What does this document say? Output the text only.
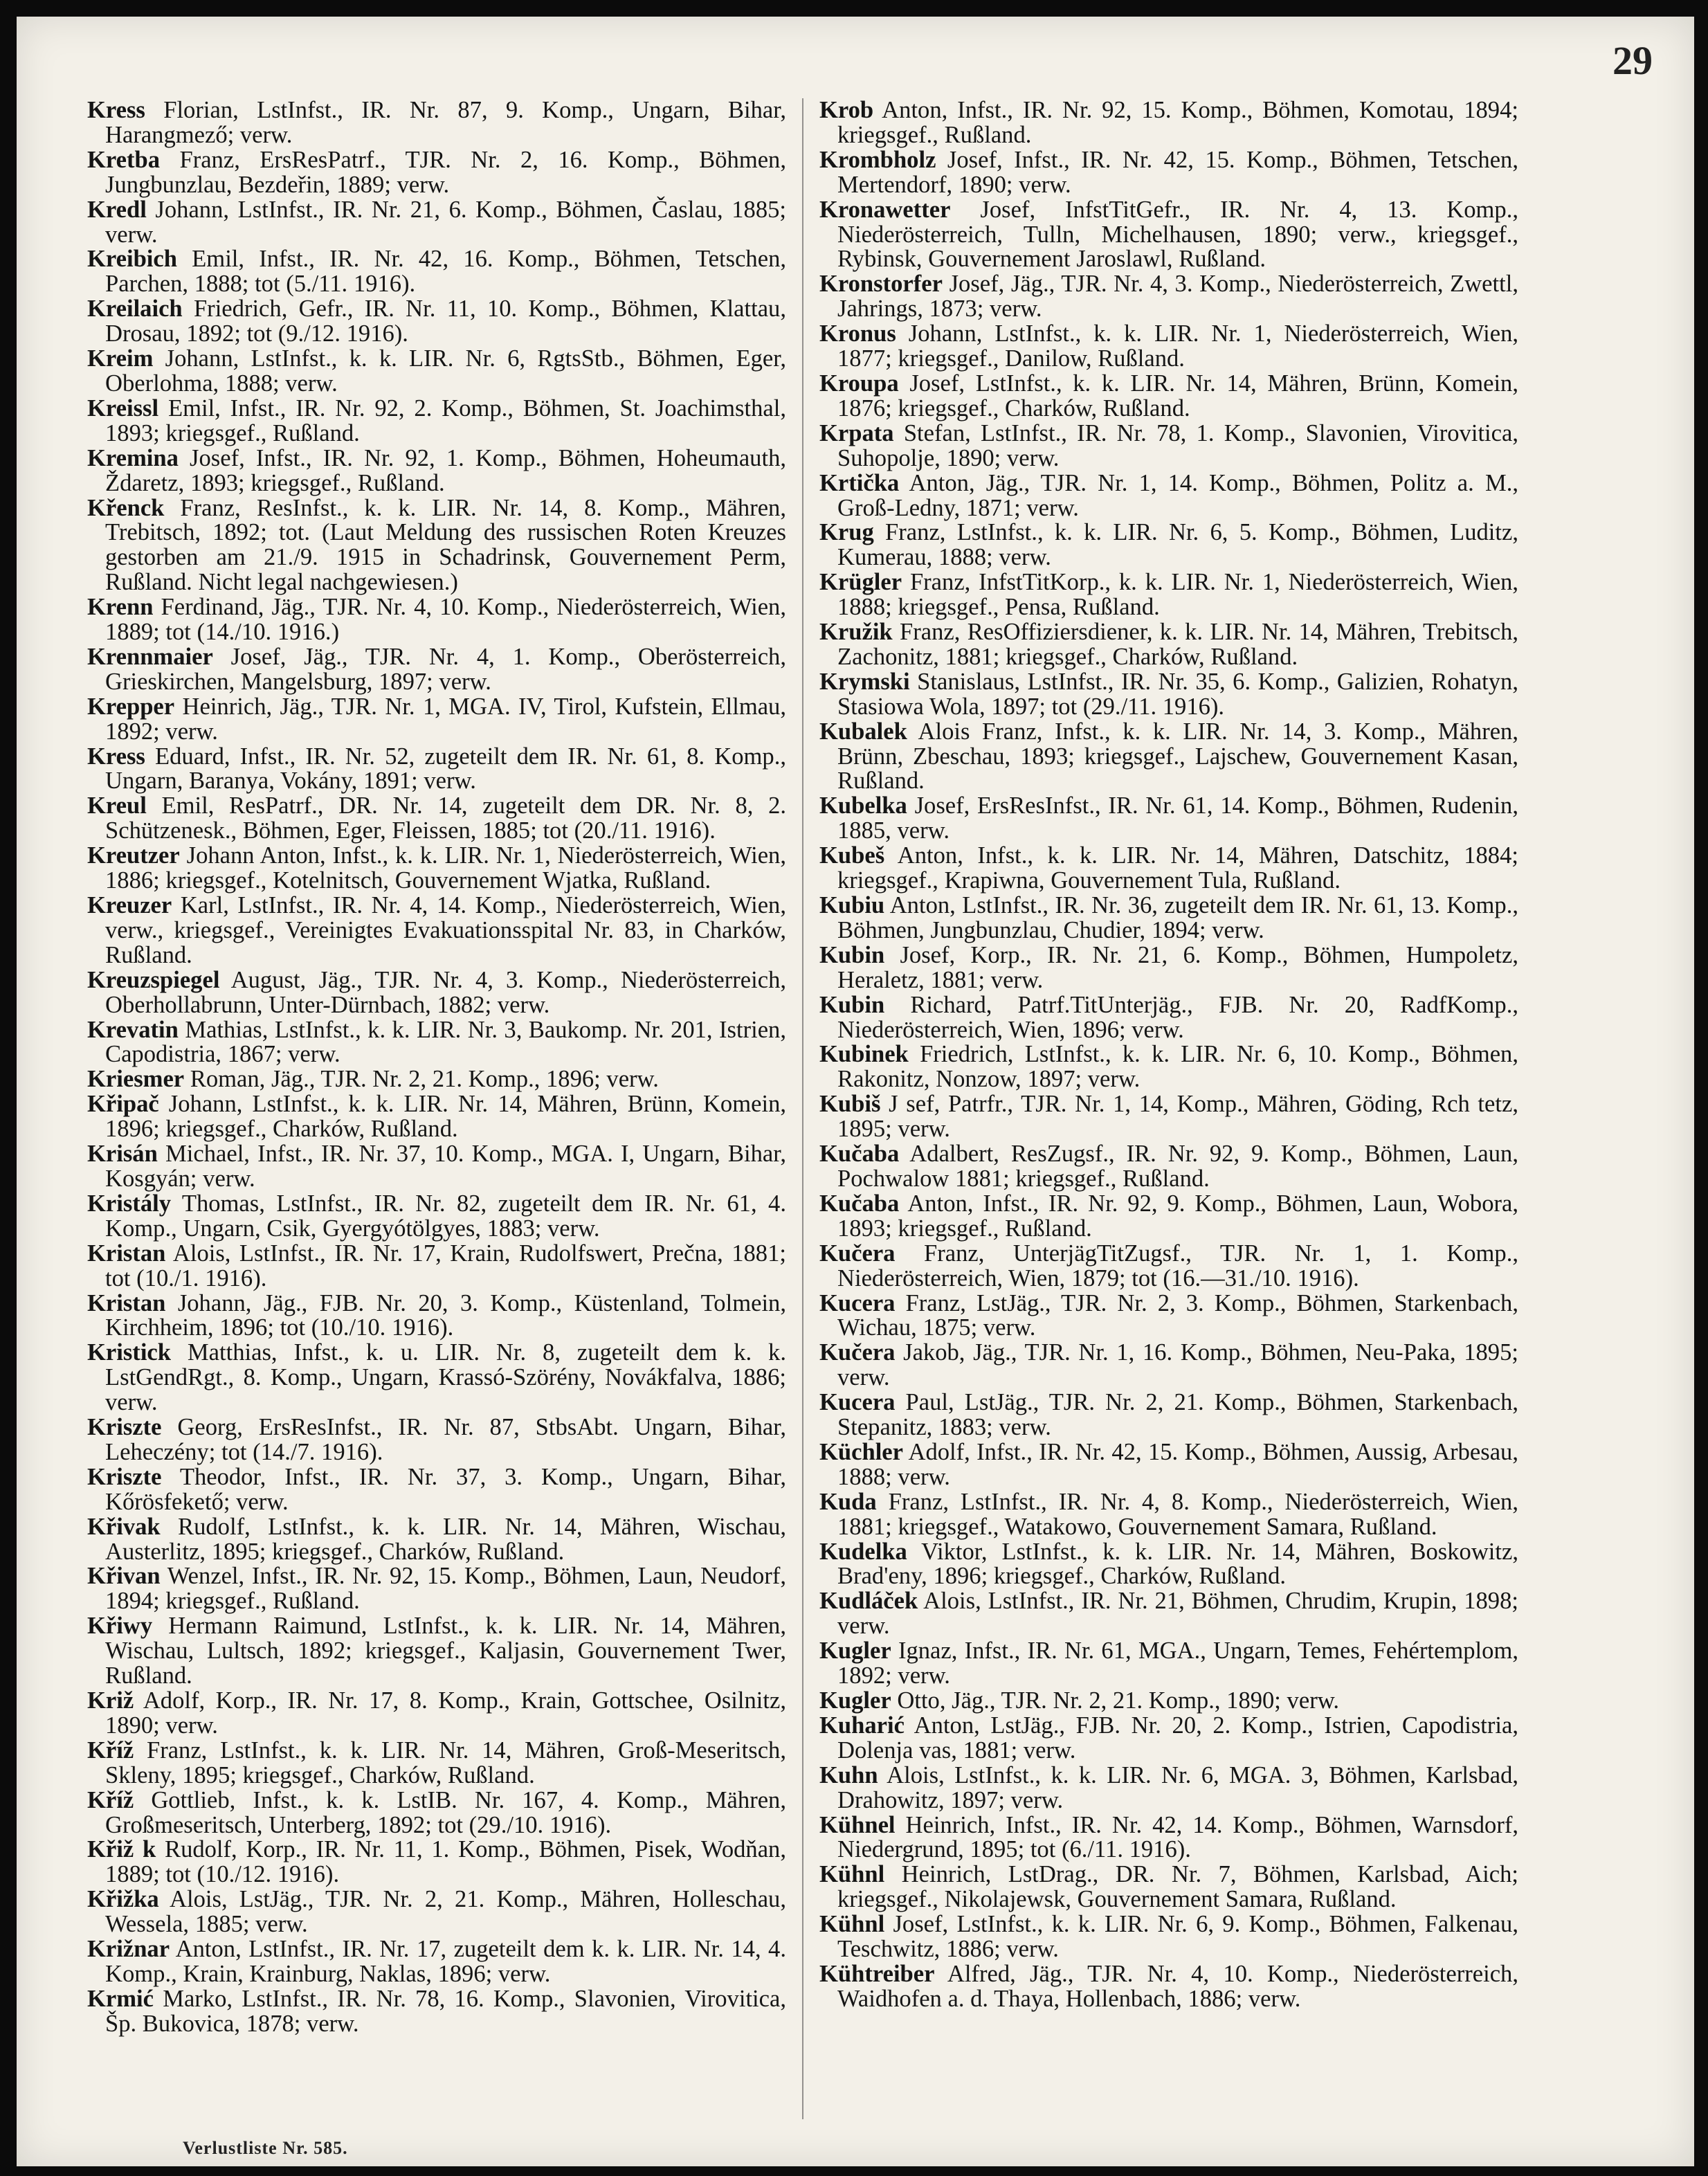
29

Kress Florian, LstInfst., IR. Nr. 87, 9. Komp., Ungarn, Bihar, Harangmező; verw.

Kretba Franz, ErsResPatrf., TJR. Nr. 2, 16. Komp., Böhmen, Jungbunzlau, Bezdeřin, 1889; verw.

Kredl Johann, LstInfst., IR. Nr. 21, 6. Komp., Böhmen, Časlau, 1885; verw.

Kreibich Emil, Infst., IR. Nr. 42, 16. Komp., Böhmen, Tetschen, Parchen, 1888; tot (5./11. 1916).

Kreilaich Friedrich, Gefr., IR. Nr. 11, 10. Komp., Böhmen, Klattau, Drosau, 1892; tot (9./12. 1916).

Kreim Johann, LstInfst., k. k. LIR. Nr. 6, RgtsStb., Böhmen, Eger, Oberlohma, 1888; verw.

Kreissl Emil, Infst., IR. Nr. 92, 2. Komp., Böhmen, St. Joachimsthal, 1893; kriegsgef., Rußland.

Kremina Josef, Infst., IR. Nr. 92, 1. Komp., Böhmen, Hoheumauth, Ždaretz, 1893; kriegsgef., Rußland.

Křenck Franz, ResInfst., k. k. LIR. Nr. 14, 8. Komp., Mähren, Trebitsch, 1892; tot. (Laut Meldung des russischen Roten Kreuzes gestorben am 21./9. 1915 in Schadrinsk, Gouvernement Perm, Rußland. Nicht legal nachgewiesen.)

Krenn Ferdinand, Jäg., TJR. Nr. 4, 10. Komp., Niederösterreich, Wien, 1889; tot (14./10. 1916.)

Krennmaier Josef, Jäg., TJR. Nr. 4, 1. Komp., Oberösterreich, Grieskirchen, Mangelsburg, 1897; verw.

Krepper Heinrich, Jäg., TJR. Nr. 1, MGA. IV, Tirol, Kufstein, Ellmau, 1892; verw.

Kress Eduard, Infst., IR. Nr. 52, zugeteilt dem IR. Nr. 61, 8. Komp., Ungarn, Baranya, Vokány, 1891; verw.

Kreul Emil, ResPatrf., DR. Nr. 14, zugeteilt dem DR. Nr. 8, 2. Schützenesk., Böhmen, Eger, Fleissen, 1885; tot (20./11. 1916).

Kreutzer Johann Anton, Infst., k. k. LIR. Nr. 1, Niederösterreich, Wien, 1886; kriegsgef., Kotelnitsch, Gouvernement Wjatka, Rußland.

Kreuzer Karl, LstInfst., IR. Nr. 4, 14. Komp., Niederösterreich, Wien, verw., kriegsgef., Vereinigtes Evakuationsspital Nr. 83, in Charków, Rußland.

Kreuzspiegel August, Jäg., TJR. Nr. 4, 3. Komp., Niederösterreich, Oberhollabrunn, Unter-Dürnbach, 1882; verw.

Krevatin Mathias, LstInfst., k. k. LIR. Nr. 3, Baukomp. Nr. 201, Istrien, Capodistria, 1867; verw.

Kriesmer Roman, Jäg., TJR. Nr. 2, 21. Komp., 1896; verw.

Křipač Johann, LstInfst., k. k. LIR. Nr. 14, Mähren, Brünn, Komein, 1896; kriegsgef., Charków, Rußland.

Krisán Michael, Infst., IR. Nr. 37, 10. Komp., MGA. I, Ungarn, Bihar, Kosgyán; verw.

Kristály Thomas, LstInfst., IR. Nr. 82, zugeteilt dem IR. Nr. 61, 4. Komp., Ungarn, Csik, Gyergyótölgyes, 1883; verw.

Kristan Alois, LstInfst., IR. Nr. 17, Krain, Rudolfswert, Prečna, 1881; tot (10./1. 1916).

Kristan Johann, Jäg., FJB. Nr. 20, 3. Komp., Küstenland, Tolmein, Kirchheim, 1896; tot (10./10. 1916).

Kristick Matthias, Infst., k. u. LIR. Nr. 8, zugeteilt dem k. k. LstGendRgt., 8. Komp., Ungarn, Krassó-Szörény, Novákfalva, 1886; verw.

Kriszte Georg, ErsResInfst., IR. Nr. 87, StbsAbt. Ungarn, Bihar, Leheczény; tot (14./7. 1916).

Kriszte Theodor, Infst., IR. Nr. 37, 3. Komp., Ungarn, Bihar, Kőrösfekető; verw.

Křivak Rudolf, LstInfst., k. k. LIR. Nr. 14, Mähren, Wischau, Austerlitz, 1895; kriegsgef., Charków, Rußland.

Křivan Wenzel, Infst., IR. Nr. 92, 15. Komp., Böhmen, Laun, Neudorf, 1894; kriegsgef., Rußland.

Křiwy Hermann Raimund, LstInfst., k. k. LIR. Nr. 14, Mähren, Wischau, Lultsch, 1892; kriegsgef., Kaljasin, Gouvernement Twer, Rußland.

Križ Adolf, Korp., IR. Nr. 17, 8. Komp., Krain, Gottschee, Osilnitz, 1890; verw.

Kříž Franz, LstInfst., k. k. LIR. Nr. 14, Mähren, Groß-Meseritsch, Skleny, 1895; kriegsgef., Charków, Rußland.

Kříž Gottlieb, Infst., k. k. LstIB. Nr. 167, 4. Komp., Mähren, Großmeseritsch, Unterberg, 1892; tot (29./10. 1916).

Křiž k Rudolf, Korp., IR. Nr. 11, 1. Komp., Böhmen, Pisek, Wodňan, 1889; tot (10./12. 1916).

Křižka Alois, LstJäg., TJR. Nr. 2, 21. Komp., Mähren, Holleschau, Wessela, 1885; verw.

Križnar Anton, LstInfst., IR. Nr. 17, zugeteilt dem k. k. LIR. Nr. 14, 4. Komp., Krain, Krainburg, Naklas, 1896; verw.

Krmić Marko, LstInfst., IR. Nr. 78, 16. Komp., Slavonien, Virovitica, Šp. Bukovica, 1878; verw.

Krob Anton, Infst., IR. Nr. 92, 15. Komp., Böhmen, Komotau, 1894; kriegsgef., Rußland.

Krombholz Josef, Infst., IR. Nr. 42, 15. Komp., Böhmen, Tetschen, Mertendorf, 1890; verw.

Kronawetter Josef, InfstTitGefr., IR. Nr. 4, 13. Komp., Niederösterreich, Tulln, Michelhausen, 1890; verw., kriegsgef., Rybinsk, Gouvernement Jaroslawl, Rußland.

Kronstorfer Josef, Jäg., TJR. Nr. 4, 3. Komp., Niederösterreich, Zwettl, Jahrings, 1873; verw.

Kronus Johann, LstInfst., k. k. LIR. Nr. 1, Niederösterreich, Wien, 1877; kriegsgef., Danilow, Rußland.

Kroupa Josef, LstInfst., k. k. LIR. Nr. 14, Mähren, Brünn, Komein, 1876; kriegsgef., Charków, Rußland.

Krpata Stefan, LstInfst., IR. Nr. 78, 1. Komp., Slavonien, Virovitica, Suhopolje, 1890; verw.

Krtička Anton, Jäg., TJR. Nr. 1, 14. Komp., Böhmen, Politz a. M., Groß-Ledny, 1871; verw.

Krug Franz, LstInfst., k. k. LIR. Nr. 6, 5. Komp., Böhmen, Luditz, Kumerau, 1888; verw.

Krügler Franz, InfstTitKorp., k. k. LIR. Nr. 1, Niederösterreich, Wien, 1888; kriegsgef., Pensa, Rußland.

Kružik Franz, ResOffiziersdiener, k. k. LIR. Nr. 14, Mähren, Trebitsch, Zachonitz, 1881; kriegsgef., Charków, Rußland.

Krymski Stanislaus, LstInfst., IR. Nr. 35, 6. Komp., Galizien, Rohatyn, Stasiowa Wola, 1897; tot (29./11. 1916).

Kubalek Alois Franz, Infst., k. k. LIR. Nr. 14, 3. Komp., Mähren, Brünn, Zbeschau, 1893; kriegsgef., Lajschew, Gouvernement Kasan, Rußland.

Kubelka Josef, ErsResInfst., IR. Nr. 61, 14. Komp., Böhmen, Rudenin, 1885, verw.

Kubeš Anton, Infst., k. k. LIR. Nr. 14, Mähren, Datschitz, 1884; kriegsgef., Krapiwna, Gouvernement Tula, Rußland.

Kubiu Anton, LstInfst., IR. Nr. 36, zugeteilt dem IR. Nr. 61, 13. Komp., Böhmen, Jungbunzlau, Chudier, 1894; verw.

Kubin Josef, Korp., IR. Nr. 21, 6. Komp., Böhmen, Humpoletz, Heraletz, 1881; verw.

Kubin Richard, Patrf.TitUnterjäg., FJB. Nr. 20, RadfKomp., Niederösterreich, Wien, 1896; verw.

Kubinek Friedrich, LstInfst., k. k. LIR. Nr. 6, 10. Komp., Böhmen, Rakonitz, Nonzow, 1897; verw.

Kubiš J sef, Patrfr., TJR. Nr. 1, 14, Komp., Mähren, Göding, Rch tetz, 1895; verw.

Kučaba Adalbert, ResZugsf., IR. Nr. 92, 9. Komp., Böhmen, Laun, Pochwalow 1881; kriegsgef., Rußland.

Kučaba Anton, Infst., IR. Nr. 92, 9. Komp., Böhmen, Laun, Wobora, 1893; kriegsgef., Rußland.

Kučera Franz, UnterjägTitZugsf., TJR. Nr. 1, 1. Komp., Niederösterreich, Wien, 1879; tot (16.—31./10. 1916).

Kucera Franz, LstJäg., TJR. Nr. 2, 3. Komp., Böhmen, Starkenbach, Wichau, 1875; verw.

Kučera Jakob, Jäg., TJR. Nr. 1, 16. Komp., Böhmen, Neu-Paka, 1895; verw.

Kucera Paul, LstJäg., TJR. Nr. 2, 21. Komp., Böhmen, Starkenbach, Stepanitz, 1883; verw.

Küchler Adolf, Infst., IR. Nr. 42, 15. Komp., Böhmen, Aussig, Arbesau, 1888; verw.

Kuda Franz, LstInfst., IR. Nr. 4, 8. Komp., Niederösterreich, Wien, 1881; kriegsgef., Watakowo, Gouvernement Samara, Rußland.

Kudelka Viktor, LstInfst., k. k. LIR. Nr. 14, Mähren, Boskowitz, Brad'eny, 1896; kriegsgef., Charków, Rußland.

Kudláček Alois, LstInfst., IR. Nr. 21, Böhmen, Chrudim, Krupin, 1898; verw.

Kugler Ignaz, Infst., IR. Nr. 61, MGA., Ungarn, Temes, Fehértemplom, 1892; verw.

Kugler Otto, Jäg., TJR. Nr. 2, 21. Komp., 1890; verw.

Kuharić Anton, LstJäg., FJB. Nr. 20, 2. Komp., Istrien, Capodistria, Dolenja vas, 1881; verw.

Kuhn Alois, LstInfst., k. k. LIR. Nr. 6, MGA. 3, Böhmen, Karlsbad, Drahowitz, 1897; verw.

Kühnel Heinrich, Infst., IR. Nr. 42, 14. Komp., Böhmen, Warnsdorf, Niedergrund, 1895; tot (6./11. 1916).

Kühnl Heinrich, LstDrag., DR. Nr. 7, Böhmen, Karlsbad, Aich; kriegsgef., Nikolajewsk, Gouvernement Samara, Rußland.

Kühnl Josef, LstInfst., k. k. LIR. Nr. 6, 9. Komp., Böhmen, Falkenau, Teschwitz, 1886; verw.

Kühtreiber Alfred, Jäg., TJR. Nr. 4, 10. Komp., Niederösterreich, Waidhofen a. d. Thaya, Hollenbach, 1886; verw.

Verlustliste Nr. 585.
